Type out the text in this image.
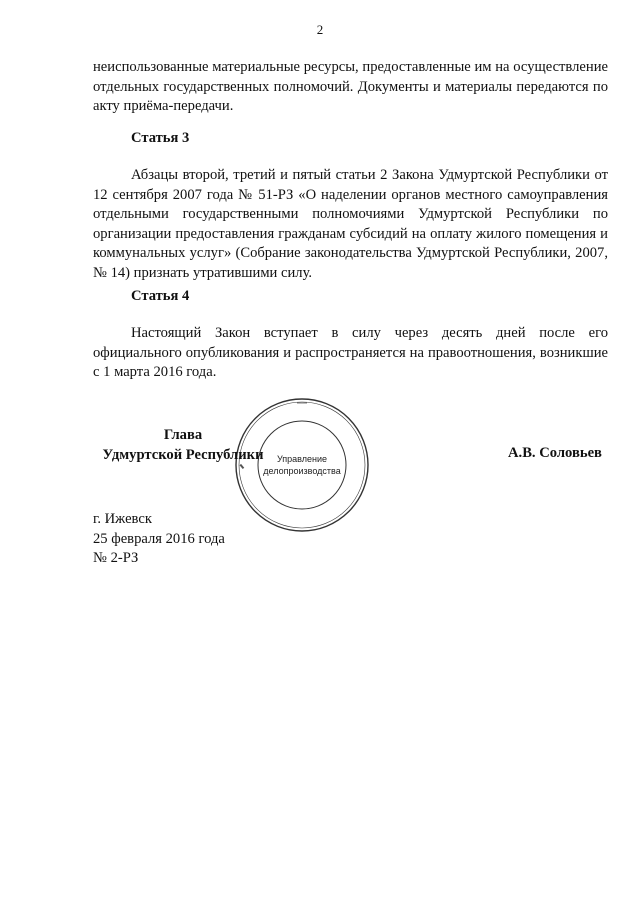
2
неиспользованные материальные ресурсы, предоставленные им на осуществление отдельных государственных полномочий. Документы и материалы передаются по акту приёма-передачи.
Статья 3
Абзацы второй, третий и пятый статьи 2 Закона Удмуртской Республики от 12 сентября 2007 года № 51-РЗ «О наделении органов местного самоуправления отдельными государственными полномочиями Удмуртской Республики по организации предоставления гражданам субсидий на оплату жилого помещения и коммунальных услуг» (Собрание законодательства Удмуртской Республики, 2007, № 14) признать утратившими силу.
Статья 4
Настоящий Закон вступает в силу через десять дней после его официального опубликования и распространяется на правоотношения, возникшие с 1 марта 2016 года.
Управление
делопроизводства
Глава
Удмуртской Республики	А.В. Соловьев
г. Ижевск
25 февраля 2016 года
№ 2-РЗ
